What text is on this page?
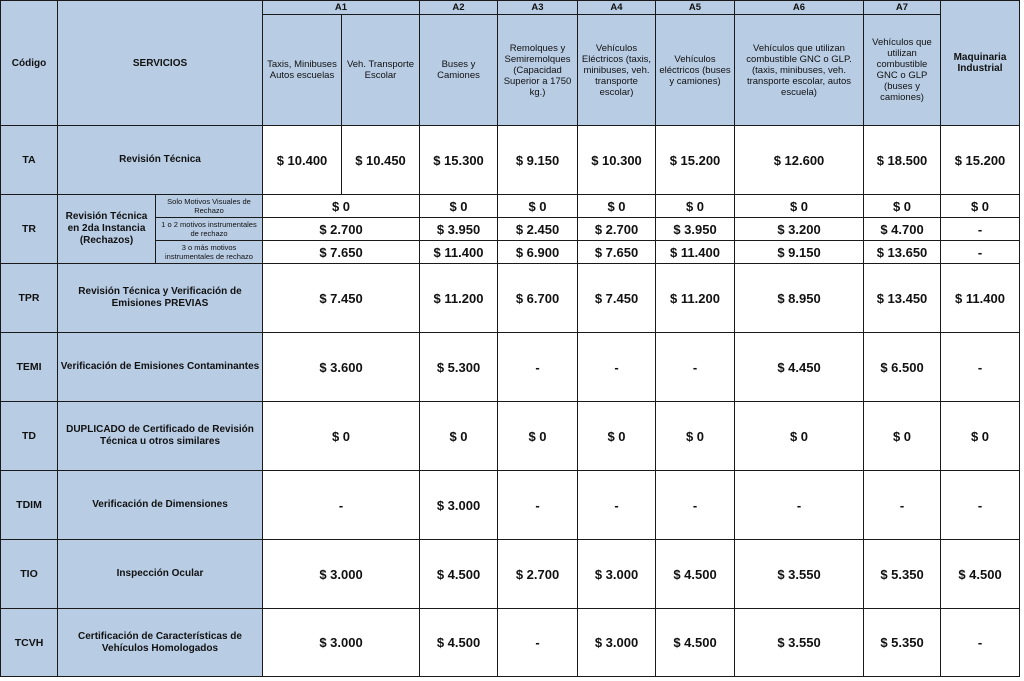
Código	SERVICIOS		A1		A2	A3	A4	A5	A6	A7	Maquinaria Industrial
			Taxis, Minibuses Autos escuelas	Veh. Transporte Escolar	Buses y Camiones	Remolques y Semiremolques (Capacidad Superior a 1750 kg.)	Vehículos Eléctricos (taxis, minibuses, veh. transporte escolar)	Vehículos eléctricos (buses y camiones)	Vehículos que utilizan combustible GNC o GLP. (taxis, minibuses, veh. transporte escolar, autos escuela)	Vehículos que utilizan combustible GNC o GLP (buses y camiones)	
TA	Revisión Técnica		$ 10.400	$ 10.450	$ 15.300	$ 9.150	$ 10.300	$ 15.200	$ 12.600	$ 18.500	$ 15.200
TR	Revisión Técnica en 2da Instancia (Rechazos)	Solo Motivos Visuales de Rechazo	$ 0		$ 0	$ 0	$ 0	$ 0	$ 0	$ 0	$ 0
		1 o 2 motivos instrumentales de rechazo	$ 2.700		$ 3.950	$ 2.450	$ 2.700	$ 3.950	$ 3.200	$ 4.700	-
		3 o más motivos instrumentales de rechazo	$ 7.650		$ 11.400	$ 6.900	$ 7.650	$ 11.400	$ 9.150	$ 13.650	-
TPR	Revisión Técnica y Verificación de Emisiones PREVIAS		$ 7.450		$ 11.200	$ 6.700	$ 7.450	$ 11.200	$ 8.950	$ 13.450	$ 11.400
TEMI	Verificación de Emisiones Contaminantes		$ 3.600		$ 5.300	-	-	-	$ 4.450	$ 6.500	-
TD	DUPLICADO de Certificado de Revisión Técnica u otros similares		$ 0		$ 0	$ 0	$ 0	$ 0	$ 0	$ 0	$ 0
TDIM	Verificación de Dimensiones		-		$ 3.000	-	-	-	-	-	-
TIO	Inspección Ocular		$ 3.000		$ 4.500	$ 2.700	$ 3.000	$ 4.500	$ 3.550	$ 5.350	$ 4.500
TCVH	Certificación de Características de Vehículos Homologados		$ 3.000		$ 4.500	-	$ 3.000	$ 4.500	$ 3.550	$ 5.350	-
